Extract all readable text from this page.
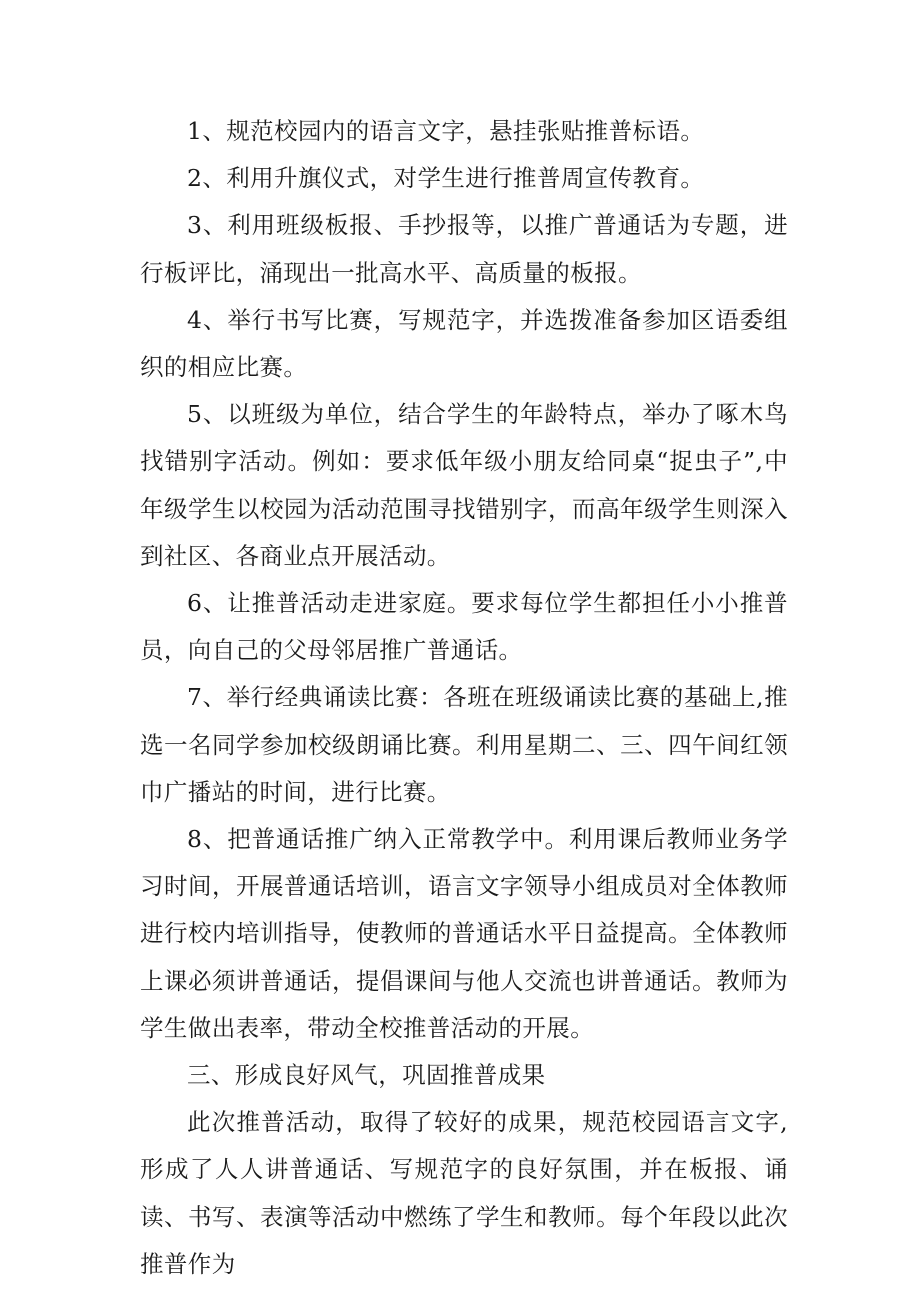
1、规范校园内的语言文字，悬挂张贴推普标语。

2、利用升旗仪式，对学生进行推普周宣传教育。

3、利用班级板报、手抄报等，以推广普通话为专题，进行板评比，涌现出一批高水平、高质量的板报。

4、举行书写比赛，写规范字，并选拨准备参加区语委组织的相应比赛。

5、以班级为单位，结合学生的年龄特点，举办了啄木鸟找错别字活动。例如：要求低年级小朋友给同桌“捉虫子”,中年级学生以校园为活动范围寻找错别字，而高年级学生则深入到社区、各商业点开展活动。

6、让推普活动走进家庭。要求每位学生都担任小小推普员，向自己的父母邻居推广普通话。

7、举行经典诵读比赛：各班在班级诵读比赛的基础上,推选一名同学参加校级朗诵比赛。利用星期二、三、四午间红领巾广播站的时间，进行比赛。

8、把普通话推广纳入正常教学中。利用课后教师业务学习时间，开展普通话培训，语言文字领导小组成员对全体教师进行校内培训指导，使教师的普通话水平日益提高。全体教师上课必须讲普通话，提倡课间与他人交流也讲普通话。教师为学生做出表率，带动全校推普活动的开展。

三、形成良好风气，巩固推普成果

此次推普活动，取得了较好的成果，规范校园语言文字,形成了人人讲普通话、写规范字的良好氛围，并在板报、诵读、书写、表演等活动中燃练了学生和教师。每个年段以此次推普作为
